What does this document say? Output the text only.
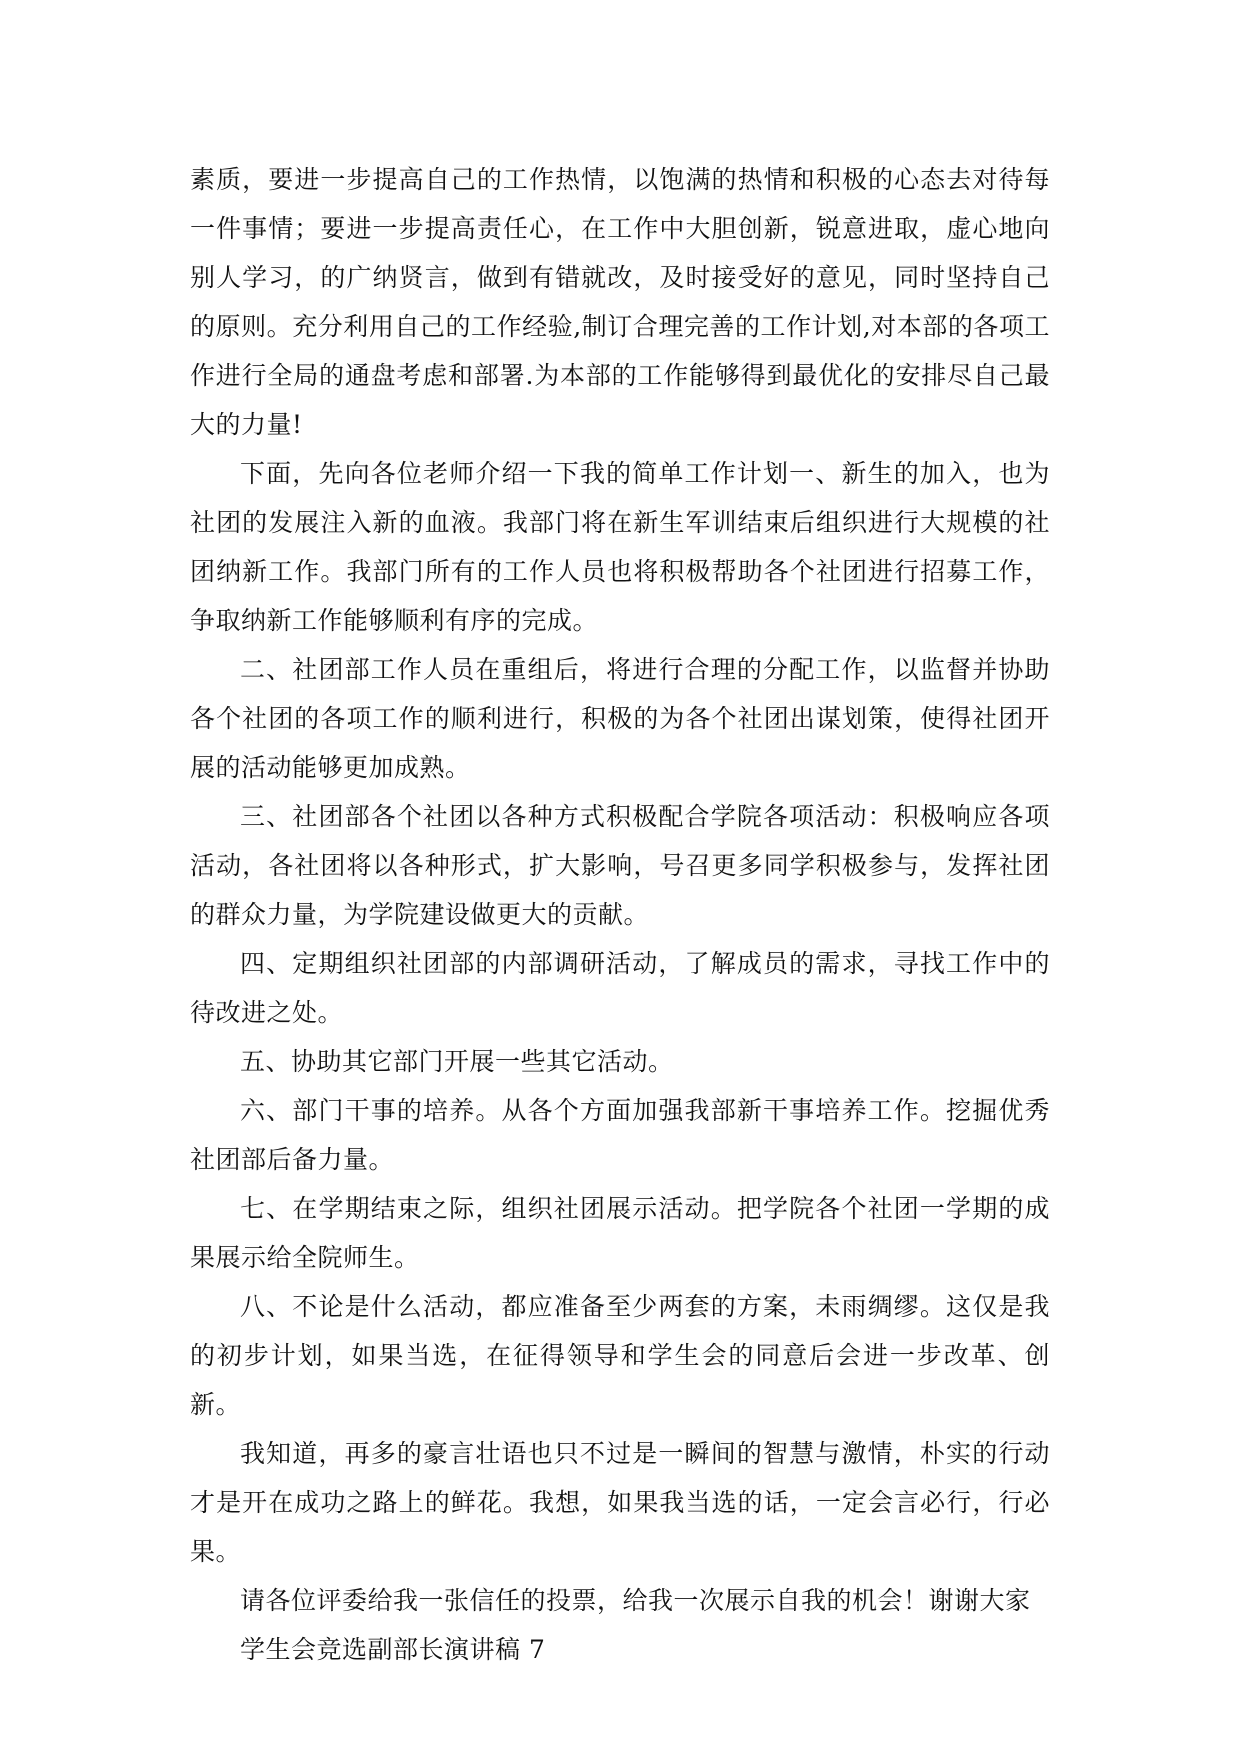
素质，要进一步提高自己的工作热情，以饱满的热情和积极的心态去对待每一件事情；要进一步提高责任心，在工作中大胆创新，锐意进取，虚心地向别人学习，的广纳贤言，做到有错就改，及时接受好的意见，同时坚持自己的原则。充分利用自己的工作经验,制订合理完善的工作计划,对本部的各项工作进行全局的通盘考虑和部署.为本部的工作能够得到最优化的安排尽自己最大的力量!

下面，先向各位老师介绍一下我的简单工作计划一、新生的加入，也为社团的发展注入新的血液。我部门将在新生军训结束后组织进行大规模的社团纳新工作。我部门所有的工作人员也将积极帮助各个社团进行招募工作，争取纳新工作能够顺利有序的完成。

二、社团部工作人员在重组后，将进行合理的分配工作，以监督并协助各个社团的各项工作的顺利进行，积极的为各个社团出谋划策，使得社团开展的活动能够更加成熟。

三、社团部各个社团以各种方式积极配合学院各项活动：积极响应各项活动，各社团将以各种形式，扩大影响，号召更多同学积极参与，发挥社团的群众力量，为学院建设做更大的贡献。

四、定期组织社团部的内部调研活动，了解成员的需求，寻找工作中的待改进之处。

五、协助其它部门开展一些其它活动。

六、部门干事的培养。从各个方面加强我部新干事培养工作。挖掘优秀社团部后备力量。

七、在学期结束之际，组织社团展示活动。把学院各个社团一学期的成果展示给全院师生。

八、不论是什么活动，都应准备至少两套的方案，未雨绸缪。这仅是我的初步计划，如果当选，在征得领导和学生会的同意后会进一步改革、创新。

我知道，再多的豪言壮语也只不过是一瞬间的智慧与激情，朴实的行动才是开在成功之路上的鲜花。我想，如果我当选的话，一定会言必行，行必果。

请各位评委给我一张信任的投票，给我一次展示自我的机会！谢谢大家

学生会竞选副部长演讲稿 7
